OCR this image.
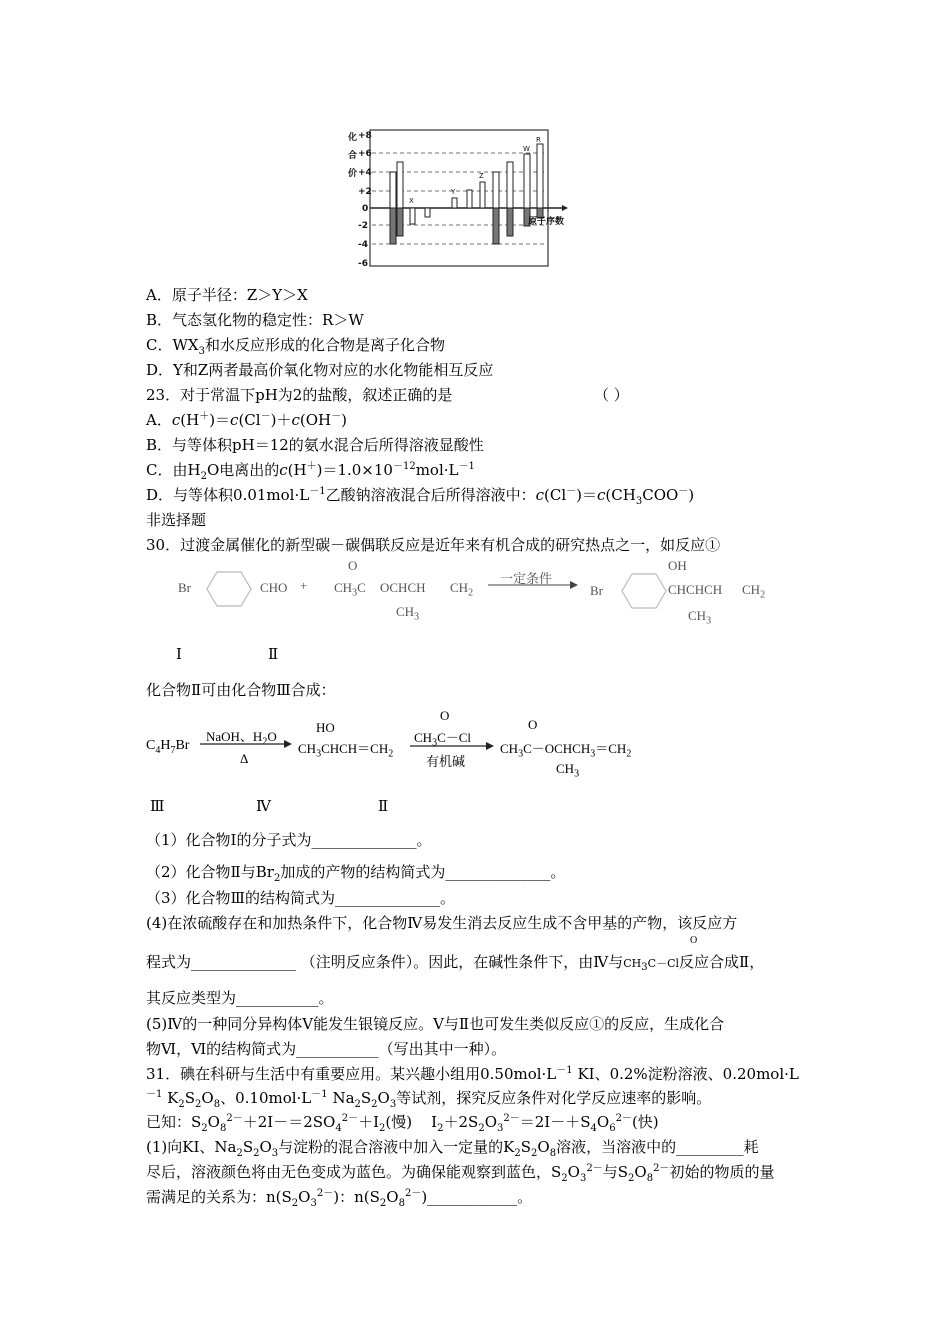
化
合
价
+8
+6
+4
+2
0
-2
-4
-6
原子序数
X
Y
Z
W
R
A．原子半径：Z＞Y＞X
B．气态氢化物的稳定性：R＞W
C．$WX_3$和水反应形成的化合物是离子化合物
D．Y和Z两者最高价氧化物对应的水化物能相互反应
23．对于常温下pH为2的盐酸，叙述正确的是	（ ）
A．c(H＋)＝c(Cl－)＋c(OH－)
B．与等体积pH＝12的氨水混合后所得溶液显酸性
C．由$H_2O$电离出的$c(H^+)=1.0\times 10^{-12}mol\cdot L^{-1}$
D．与等体积$0.01mol\cdot L^{-1}$乙酸钠溶液混合后所得溶液中：$c(Cl^-)=c(CH_3COO^-)$
非选择题
30．过渡金属催化的新型碳－碳偶联反应是近年来有机合成的研究热点之一，如反应①
Br	CHO +
O
$CH_3C$ OCHCH $CH_2$
$CH_3$
一定条件
Br
OH
CHCHCH $CH_2$
$CH_3$
Ⅰ	Ⅱ
化合物Ⅱ可由化合物Ⅲ合成：
$C_4H_7Br$
NaOH、$H_2O$
Δ
HO
$CH_3CHCH=CH_2$
O
$CH_3C-Cl$
有机碱
O
$CH_3C-OCHCH_3=CH_2$
$CH_3$
Ⅲ	Ⅳ	Ⅱ
（1）化合物I的分子式为______________。
（2）化合物Ⅱ与$Br_2$加成的产物的结构简式为______________。
（3）化合物Ⅲ的结构简式为______________。
(4)在浓硫酸存在和加热条件下，化合物Ⅳ易发生消去反应生成不含甲基的产物，该反应方
O
程式为______________ （注明反应条件）。因此，在碱性条件下，由Ⅳ与$CH_3C-Cl$反应合成Ⅱ，
其反应类型为___________。
(5)Ⅳ的一种同分异构体V能发生银镜反应。V与Ⅱ也可发生类似反应①的反应，生成化合
物Ⅵ，Ⅵ的结构简式为___________（写出其中一种）。
31．碘在科研与生活中有重要应用。某兴趣小组用$0.50mol\cdot L^{-1}$ KI、0.2%淀粉溶液、0.20mol·L
$^{-1}$ $K_2S_2O_8$、$0.10mol\cdot L^{-1}$ $Na_2S_2O_3$等试剂，探究反应条件对化学反应速率的影响。
已知：$S_2O_8^{2-}+2I-=2SO_4^{2-}+I_2$(慢)    $I_2+2S_2O_3^{2-}=2I-+S_4O_6^{2-}$(快)
(1)向KI、$Na_2S_2O_3$与淀粉的混合溶液中加入一定量的$K_2S_2O_8$溶液，当溶液中的_________耗
尽后，溶液颜色将由无色变成为蓝色。为确保能观察到蓝色，$S_2O_3^{2-}$与$S_2O_8^{2-}$初始的物质的量
需满足的关系为：$n(S_2O_3^{2-})$：$n(S_2O_8^{2-})\_\_\_\_\_\_\_\_\_\_\_\_$。
